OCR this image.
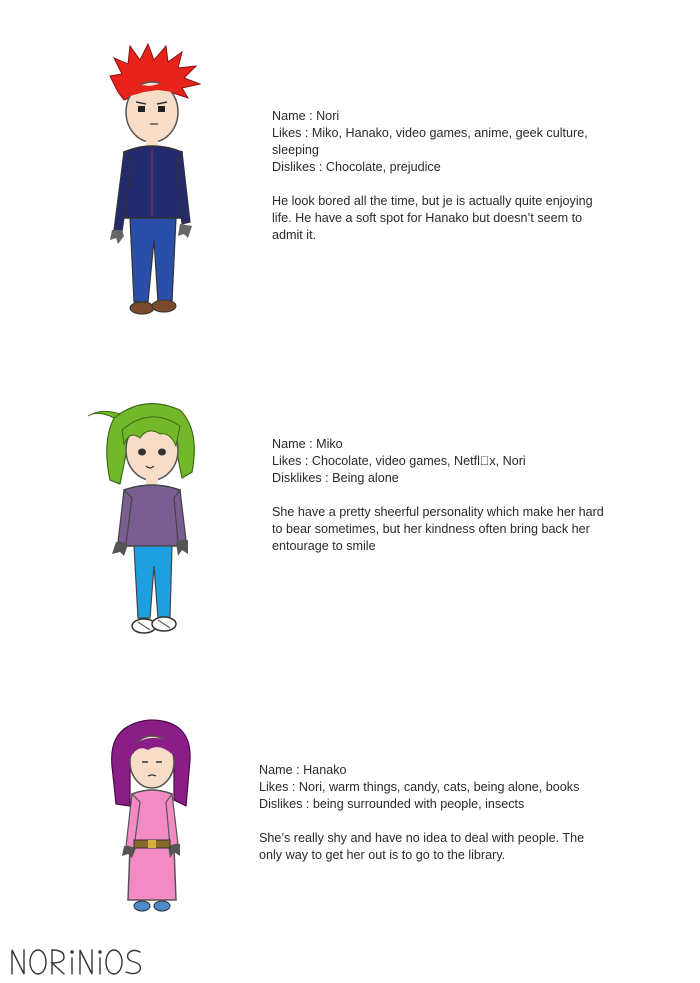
Name : Nori

Likes : Miko, Hanako, video games, anime, geek culture,

sleeping

Dislikes : Chocolate, prejudice

He look bored all the time, but je is actually quite enjoying

life. He have a soft spot for Hanako but doesn’t seem to

admit it.

Name : Miko

Likes : Chocolate, video games, Netfl x, Nori

Disklikes : Being alone

She have a pretty sheerful personality which make her hard

to bear sometimes, but her kindness often bring back her

entourage to smile

Name : Hanako

Likes : Nori, warm things, candy, cats, being alone, books

Dislikes : being surrounded with people, insects

She’s really shy and have no idea to deal with people. The

only way to get her out is to go to the library.
